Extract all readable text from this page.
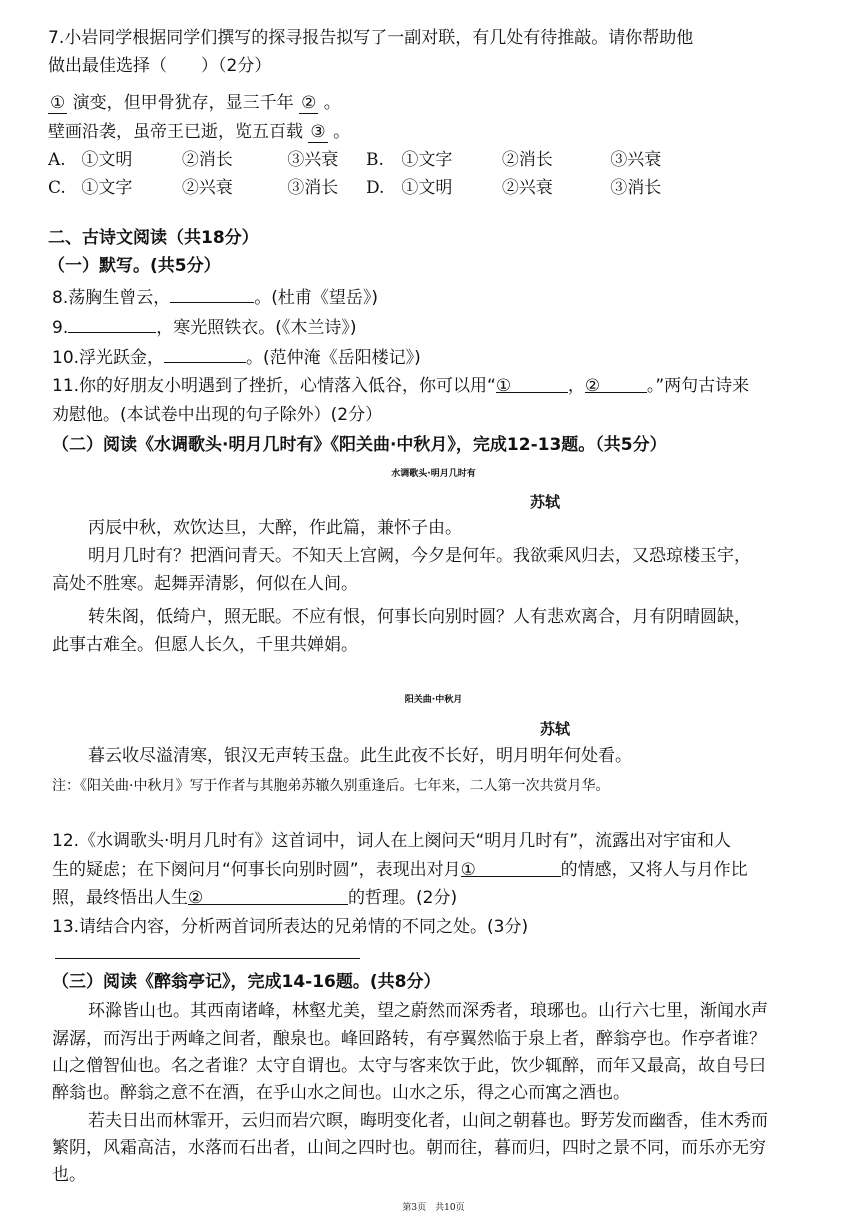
7.小岩同学根据同学们撰写的探寻报告拟写了一副对联，有几处有待推敲。请你帮助他
做出最佳选择（　　）（2分）
① 演变，但甲骨犹存，显三千年 ② 。
壁画沿袭，虽帝王已逝，览五百载 ③ 。
A. ①文明	②消长	③兴衰	B. ①文字	②消长	③兴衰
C. ①文字	②兴衰	③消长	D. ①文明	②兴衰	③消长
二、古诗文阅读（共18分）
（一）默写。(共5分）
8.荡胸生曾云，	。(杜甫《望岳》)
9.	，寒光照铁衣。(《木兰诗》)
10.浮光跃金，	。(范仲淹《岳阳楼记》)
11.你的好朋友小明遇到了挫折，心情落入低谷，你可以用“①	，②	。”两句古诗来
劝慰他。(本试卷中出现的句子除外）(2分）
（二）阅读《水调歌头·明月几时有》《阳关曲·中秋月》，完成12-13题。（共5分）
水调歌头·明月几时有
苏轼
丙辰中秋，欢饮达旦，大醉，作此篇，兼怀子由。
明月几时有？把酒问青天。不知天上宫阙，今夕是何年。我欲乘风归去，又恐琼楼玉宇，
高处不胜寒。起舞弄清影，何似在人间。
转朱阁，低绮户，照无眠。不应有恨，何事长向别时圆？人有悲欢离合，月有阴晴圆缺，
此事古难全。但愿人长久，千里共婵娟。
阳关曲·中秋月
苏轼
暮云收尽溢清寒，银汉无声转玉盘。此生此夜不长好，明月明年何处看。
注：《阳关曲·中秋月》写于作者与其胞弟苏辙久别重逢后。七年来，二人第一次共赏月华。
12.《水调歌头·明月几时有》这首词中，词人在上阕问天“明月几时有”，流露出对宇宙和人
生的疑虑；在下阕问月“何事长向别时圆”，表现出对月①	的情感，又将人与月作比
照，最终悟出人生②	的哲理。(2分)
13.请结合内容，分析两首词所表达的兄弟情的不同之处。(3分)
（三）阅读《醉翁亭记》，完成14-16题。(共8分）
环滁皆山也。其西南诸峰，林壑尤美，望之蔚然而深秀者，琅琊也。山行六七里，渐闻水声
潺潺，而泻出于两峰之间者，酿泉也。峰回路转，有亭翼然临于泉上者，醉翁亭也。作亭者谁？
山之僧智仙也。名之者谁？太守自谓也。太守与客来饮于此，饮少辄醉，而年又最高，故自号曰
醉翁也。醉翁之意不在酒，在乎山水之间也。山水之乐，得之心而寓之酒也。
若夫日出而林霏开，云归而岩穴暝，晦明变化者，山间之朝暮也。野芳发而幽香，佳木秀而
繁阴，风霜高洁，水落而石出者，山间之四时也。朝而往，暮而归，四时之景不同，而乐亦无穷
也。
第3页　共10页
